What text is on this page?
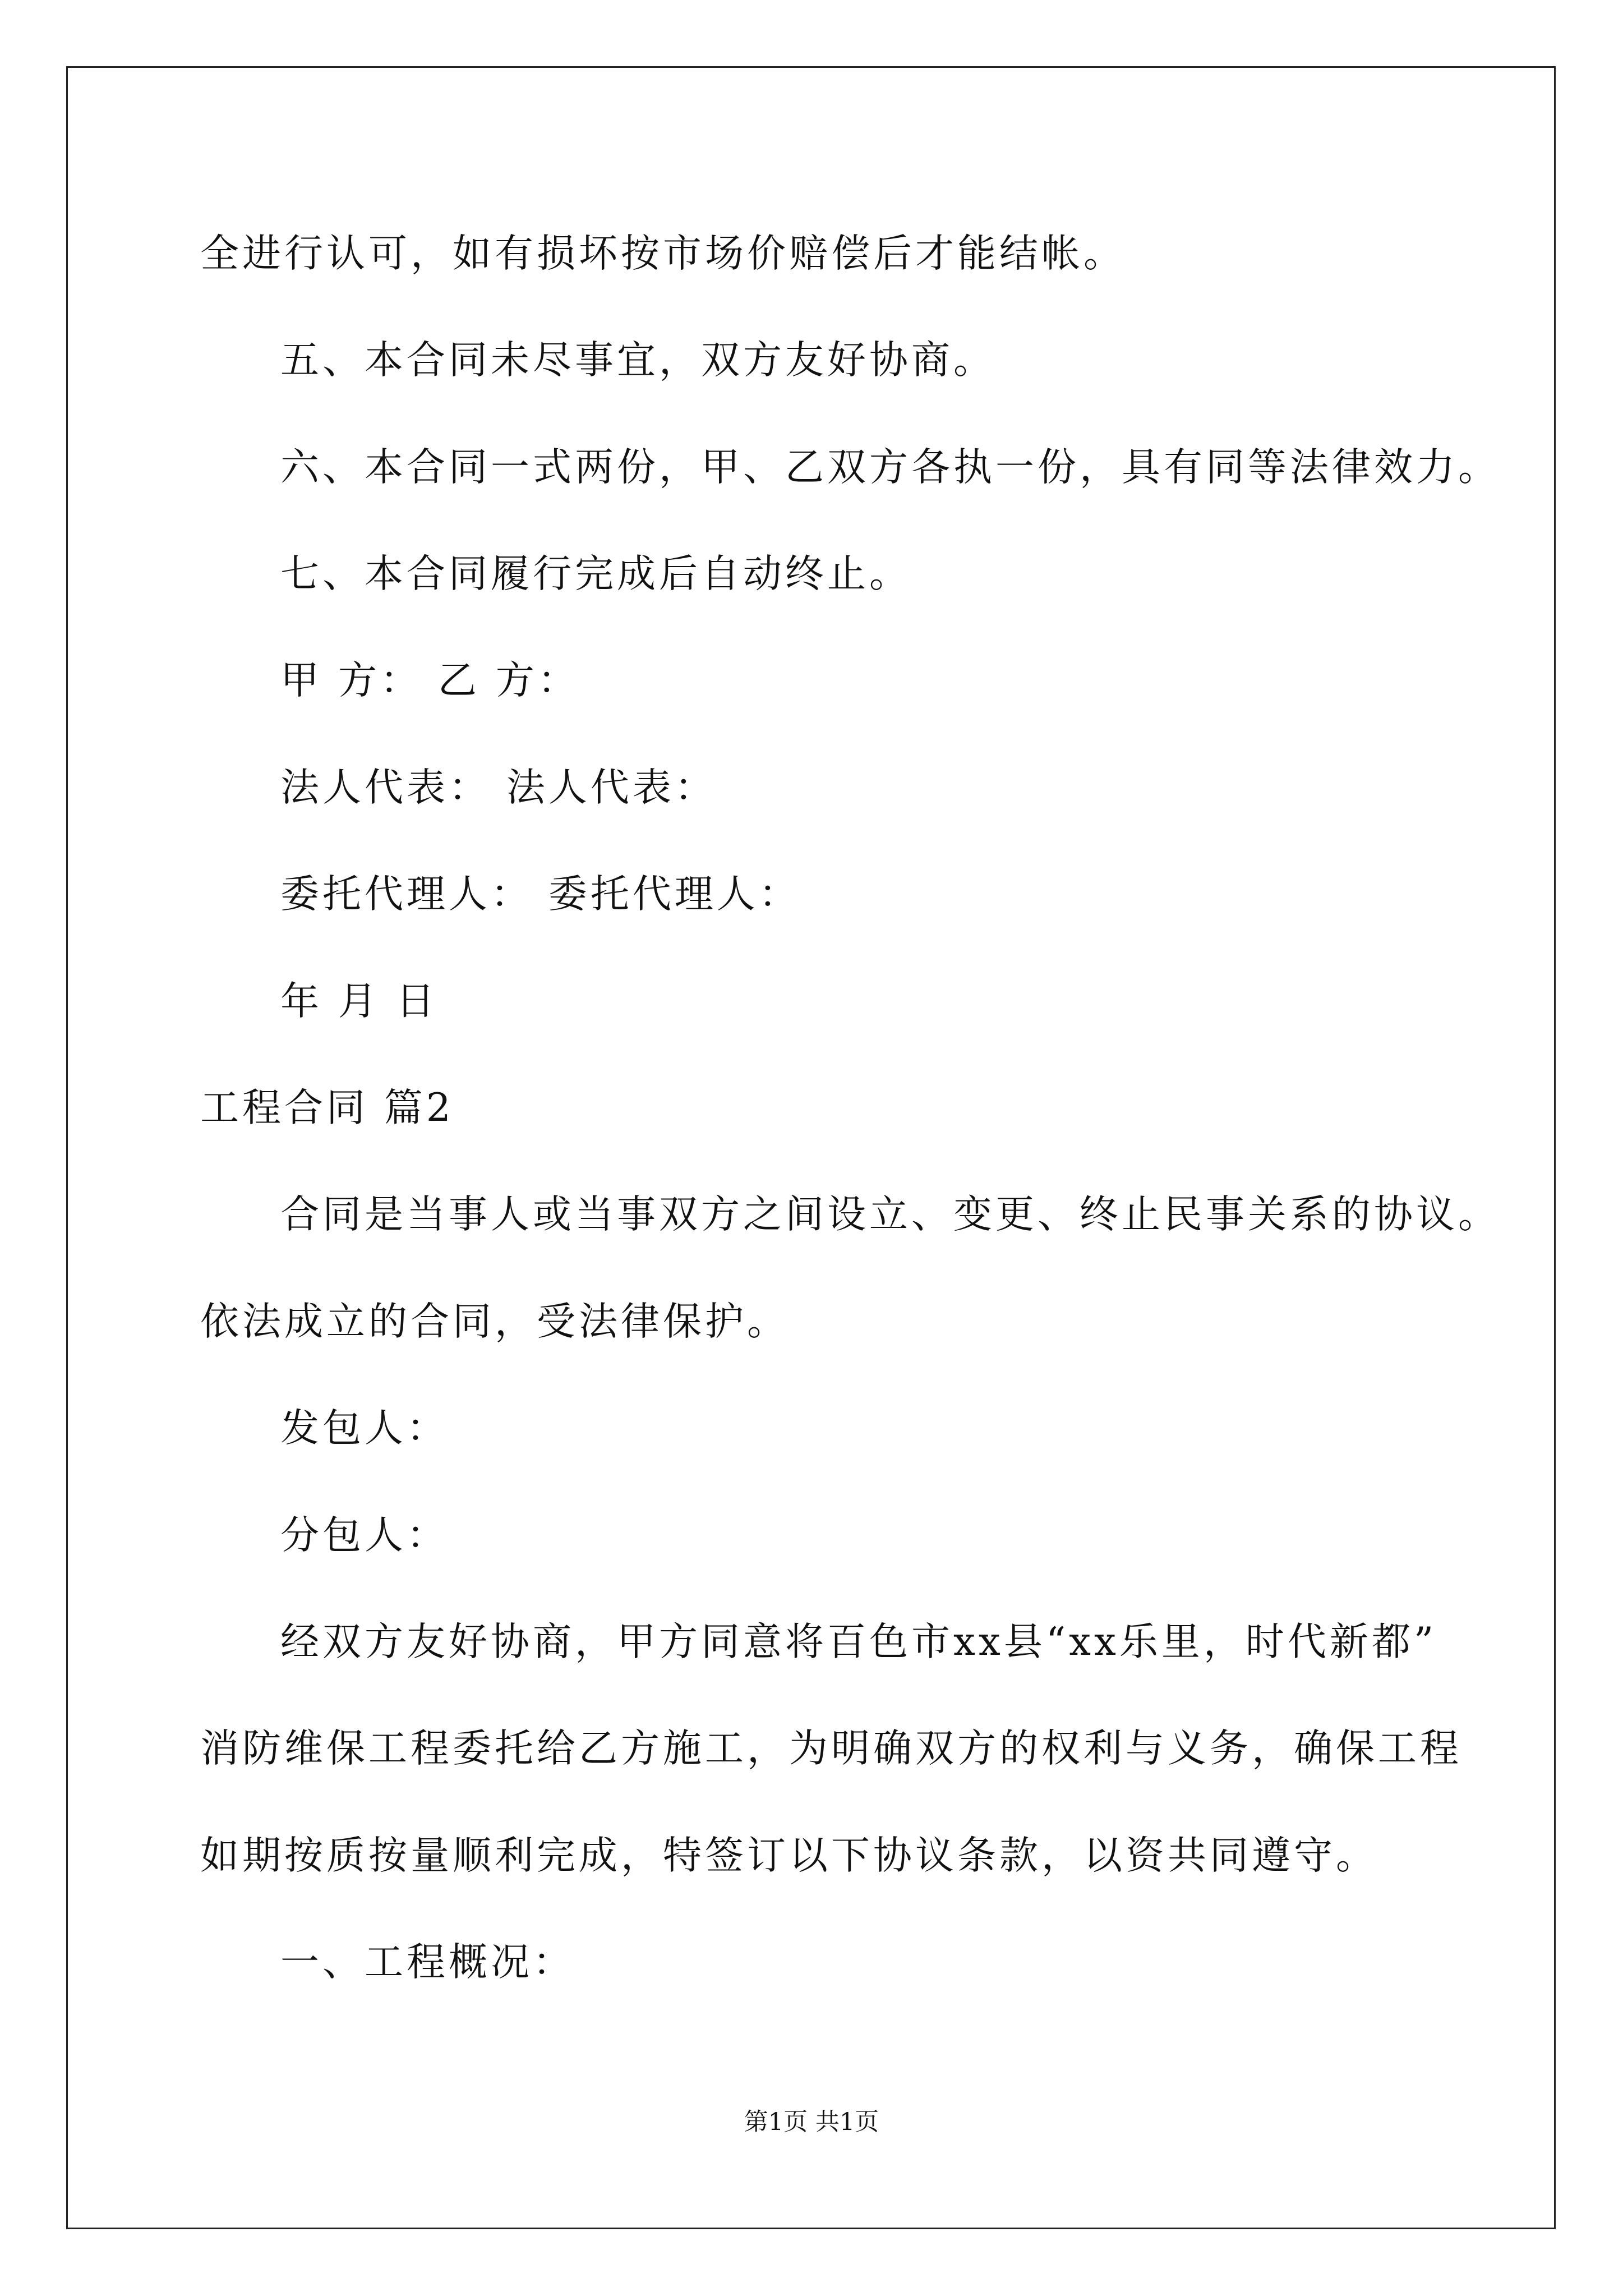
全进行认可，如有损坏按市场价赔偿后才能结帐。
五、本合同未尽事宜，双方友好协商。
六、本合同一式两份，甲、乙双方各执一份，具有同等法律效力。
七、本合同履行完成后自动终止。
甲 方： 乙 方：
法人代表： 法人代表：
委托代理人： 委托代理人：
年 月 日
工程合同 篇2
合同是当事人或当事双方之间设立、变更、终止民事关系的协议。
依法成立的合同，受法律保护。
发包人：
分包人：
经双方友好协商，甲方同意将百色市xx县“xx乐里，时代新都”
消防维保工程委托给乙方施工，为明确双方的权利与义务，确保工程
如期按质按量顺利完成，特签订以下协议条款，以资共同遵守。
一、工程概况：
第1页 共1页
